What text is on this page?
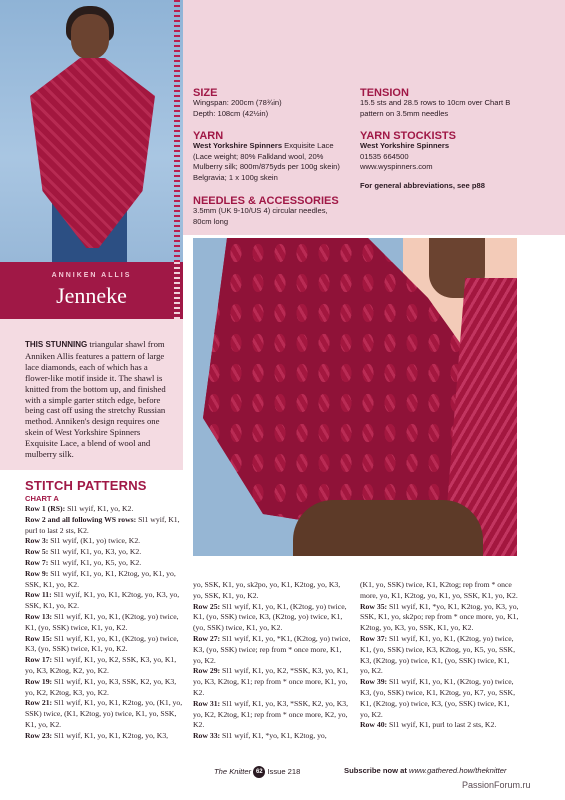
ANNIKEN ALLIS
Jenneke
THIS STUNNING triangular shawl from Anniken Allis features a pattern of large lace diamonds, each of which has a flower-like motif inside it. The shawl is knitted from the bottom up, and finished with a simple garter stitch edge, before being cast off using the stretchy Russian method. Anniken's design requires one skein of West Yorkshire Spinners Exquisite Lace, a blend of wool and mulberry silk.
SIZE
Wingspan: 200cm (78¾in)
Depth: 108cm (42½in)
YARN
West Yorkshire Spinners Exquisite Lace
(Lace weight; 80% Falkland wool, 20%
Mulberry silk; 800m/875yds per 100g skein)
Belgravia; 1 x 100g skein
NEEDLES & ACCESSORIES
3.5mm (UK 9-10/US 4) circular needles,
80cm long
TENSION
15.5 sts and 28.5 rows to 10cm over Chart B
pattern on 3.5mm needles
YARN STOCKISTS
West Yorkshire Spinners
01535 664500
www.wyspinners.com
For general abbreviations, see p88
STITCH PATTERNS
CHART A

Row 1 (RS): Sl1 wyif, K1, yo, K2.

Row 2 and all following WS rows: Sl1 wyif, K1, purl to last 2 sts, K2.

Row 3: Sl1 wyif, (K1, yo) twice, K2.

Row 5: Sl1 wyif, K1, yo, K3, yo, K2.

Row 7: Sl1 wyif, K1, yo, K5, yo, K2.

Row 9: Sl1 wyif, K1, yo, K1, K2tog, yo, K1, yo, SSK, K1, yo, K2.

Row 11: Sl1 wyif, K1, yo, K1, K2tog, yo, K3, yo, SSK, K1, yo, K2.

Row 13: Sl1 wyif, K1, yo, K1, (K2tog, yo) twice, K1, (yo, SSK) twice, K1, yo, K2.

Row 15: Sl1 wyif, K1, yo, K1, (K2tog, yo) twice, K3, (yo, SSK) twice, K1, yo, K2.

Row 17: Sl1 wyif, K1, yo, K2, SSK, K3, yo, K1, yo, K3, K2tog, K2, yo, K2.

Row 19: Sl1 wyif, K1, yo, K3, SSK, K2, yo, K3, yo, K2, K2tog, K3, yo, K2.

Row 21: Sl1 wyif, K1, yo, K1, K2tog, yo, (K1, yo, SSK) twice, (K1, K2tog, yo) twice, K1, yo, SSK, K1, yo, K2.

Row 23: Sl1 wyif, K1, yo, K1, K2tog, yo, K3,

yo, SSK, K1, yo, sk2po, yo, K1, K2tog, yo, K3, yo, SSK, K1, yo, K2.

Row 25: Sl1 wyif, K1, yo, K1, (K2tog, yo) twice, K1, (yo, SSK) twice, K3, (K2tog, yo) twice, K1, (yo, SSK) twice, K1, yo, K2.

Row 27: Sl1 wyif, K1, yo, *K1, (K2tog, yo) twice, K3, (yo, SSK) twice; rep from * once more, K1, yo, K2.

Row 29: Sl1 wyif, K1, yo, K2, *SSK, K3, yo, K1, yo, K3, K2tog, K1; rep from * once more, K1, yo, K2.

Row 31: Sl1 wyif, K1, yo, K3, *SSK, K2, yo, K3, yo, K2, K2tog, K1; rep from * once more, K2, yo, K2.

Row 33: Sl1 wyif, K1, *yo, K1, K2tog, yo,

(K1, yo, SSK) twice, K1, K2tog; rep from * once more, yo, K1, K2tog, yo, K1, yo, SSK, K1, yo, K2.

Row 35: Sl1 wyif, K1, *yo, K1, K2tog, yo, K3, yo, SSK, K1, yo, sk2po; rep from * once more, yo, K1, K2tog, yo, K3, yo, SSK, K1, yo, K2.

Row 37: Sl1 wyif, K1, yo, K1, (K2tog, yo) twice, K1, (yo, SSK) twice, K3, K2tog, yo, K5, yo, SSK, K3, (K2tog, yo) twice, K1, (yo, SSK) twice, K1, yo, K2.

Row 39: Sl1 wyif, K1, yo, K1, (K2tog, yo) twice, K3, (yo, SSK) twice, K1, K2tog, yo, K7, yo, SSK, K1, (K2tog, yo) twice, K3, (yo, SSK) twice, K1, yo, K2.

Row 40: Sl1 wyif, K1, purl to last 2 sts, K2.

The Knitter 62 Issue 218	Subscribe now at www.gathered.how/theknitter
PassionForum.ru
